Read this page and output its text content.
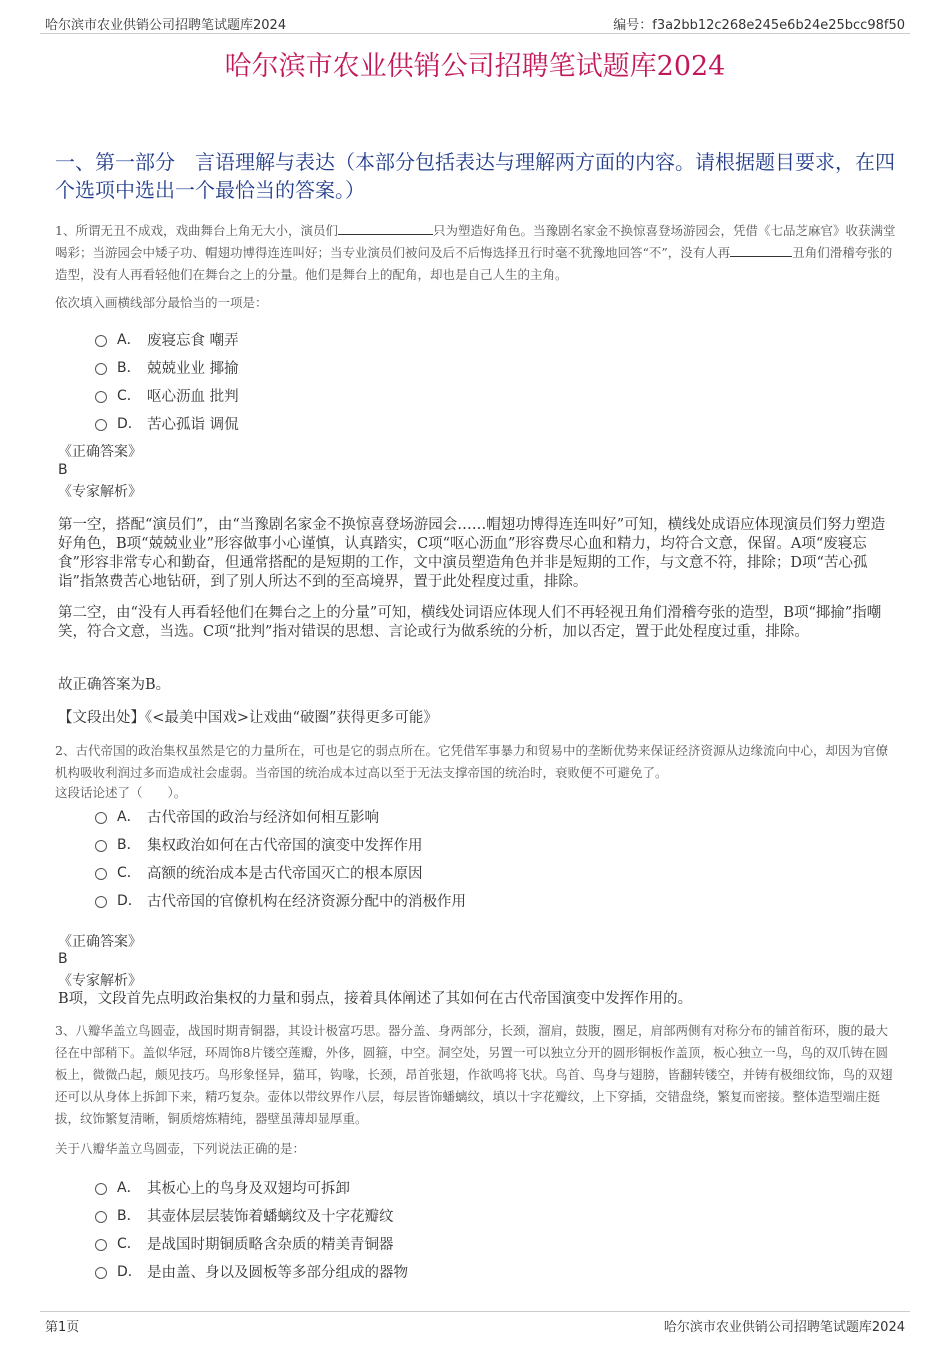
哈尔滨市农业供销公司招聘笔试题库2024	编号：f3a2bb12c268e245e6b24e25bcc98f50
哈尔滨市农业供销公司招聘笔试题库2024
一、第一部分　言语理解与表达（本部分包括表达与理解两方面的内容。请根据题目要求，在四个选项中选出一个最恰当的答案。）
1、所谓无丑不成戏，戏曲舞台上角无大小，演员们	只为塑造好角色。当豫剧名家金不换惊喜登场游园会，凭借《七品芝麻官》收获满堂喝彩；当游园会中矮子功、帽翅功博得连连叫好；当专业演员们被问及后不后悔选择丑行时毫不犹豫地回答“不”，没有人再	丑角们滑稽夸张的造型，没有人再看轻他们在舞台之上的分量。他们是舞台上的配角，却也是自己人生的主角。
依次填入画横线部分最恰当的一项是：
A． 废寝忘食 嘲弄
B． 兢兢业业 揶揄
C． 呕心沥血 批判
D． 苦心孤诣 调侃
《正确答案》
B
《专家解析》
第一空，搭配“演员们”，由“当豫剧名家金不换惊喜登场游园会……帽翅功博得连连叫好”可知，横线处成语应体现演员们努力塑造好角色，B项“兢兢业业”形容做事小心谨慎，认真踏实，C项“呕心沥血”形容费尽心血和精力，均符合文意，保留。A项“废寝忘食”形容非常专心和勤奋，但通常搭配的是短期的工作，文中演员塑造角色并非是短期的工作，与文意不符，排除；D项“苦心孤诣”指煞费苦心地钻研，到了别人所达不到的至高境界，置于此处程度过重，排除。
第二空，由“没有人再看轻他们在舞台之上的分量”可知，横线处词语应体现人们不再轻视丑角们滑稽夸张的造型，B项“揶揄”指嘲笑，符合文意，当选。C项“批判”指对错误的思想、言论或行为做系统的分析，加以否定，置于此处程度过重，排除。
故正确答案为B。
【文段出处】《<最美中国戏>让戏曲“破圈”获得更多可能》
2、古代帝国的政治集权虽然是它的力量所在，可也是它的弱点所在。它凭借军事暴力和贸易中的垄断优势来保证经济资源从边缘流向中心，却因为官僚机构吸收利润过多而造成社会虚弱。当帝国的统治成本过高以至于无法支撑帝国的统治时，衰败便不可避免了。
这段话论述了（　　）。
A． 古代帝国的政治与经济如何相互影响
B． 集权政治如何在古代帝国的演变中发挥作用
C． 高额的统治成本是古代帝国灭亡的根本原因
D． 古代帝国的官僚机构在经济资源分配中的消极作用
《正确答案》
B
《专家解析》
B项，文段首先点明政治集权的力量和弱点，接着具体阐述了其如何在古代帝国演变中发挥作用的。
3、八瓣华盖立鸟圆壶，战国时期青铜器，其设计极富巧思。器分盖、身两部分，长颈，溜肩，鼓腹，圈足，肩部两侧有对称分布的铺首衔环，腹的最大径在中部稍下。盖似华冠，环周饰8片镂空莲瓣，外侈，圆箍，中空。洞空处，另置一可以独立分开的圆形铜板作盖顶，板心独立一鸟，鸟的双爪铸在圆板上，微微凸起，颇见技巧。鸟形象怪异，猫耳，钩喙，长颈，昂首张翅，作欲鸣将飞状。鸟首、鸟身与翅膀，皆翻转镂空，并铸有极细纹饰，鸟的双翅还可以从身体上拆卸下来，精巧复杂。壶体以带纹界作八层，每层皆饰蟠螭纹，填以十字花瓣纹，上下穿插，交错盘绕，繁复而密接。整体造型端庄挺拔，纹饰繁复清晰，铜质熔炼精纯，器壁虽薄却显厚重。
关于八瓣华盖立鸟圆壶，下列说法正确的是：
A． 其板心上的鸟身及双翅均可拆卸
B． 其壶体层层装饰着蟠螭纹及十字花瓣纹
C． 是战国时期铜质略含杂质的精美青铜器
D． 是由盖、身以及圆板等多部分组成的器物
第1页	哈尔滨市农业供销公司招聘笔试题库2024
